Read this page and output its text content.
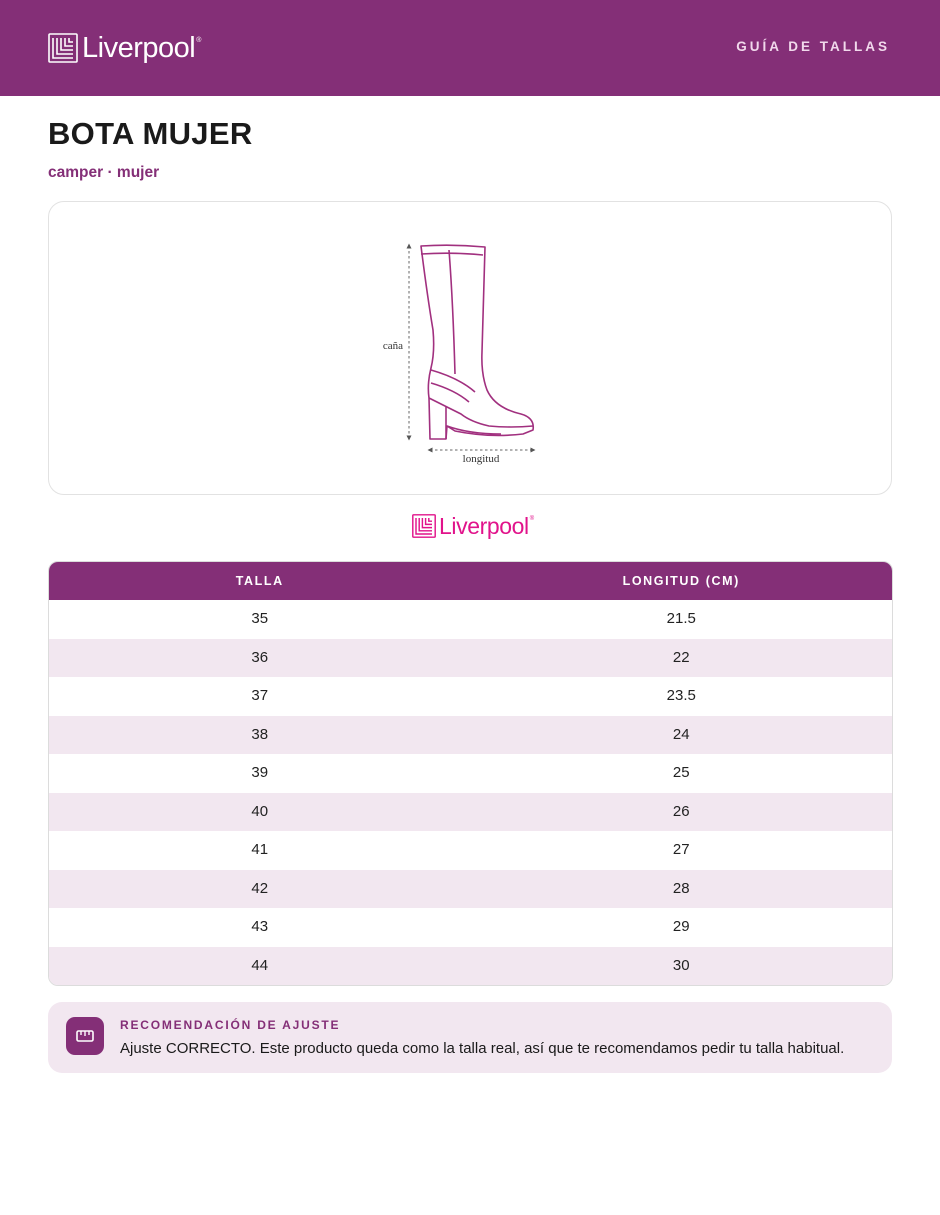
Liverpool ®	GUÍA DE TALLAS
BOTA MUJER
camper · mujer
caña
longitud
Liverpool ®
TALLA	LONGITUD (CM)
35	21.5
36	22
37	23.5
38	24
39	25
40	26
41	27
42	28
43	29
44	30
RECOMENDACIÓN DE AJUSTE
Ajuste CORRECTO. Este producto queda como la talla real, así que te recomendamos pedir tu talla habitual.
